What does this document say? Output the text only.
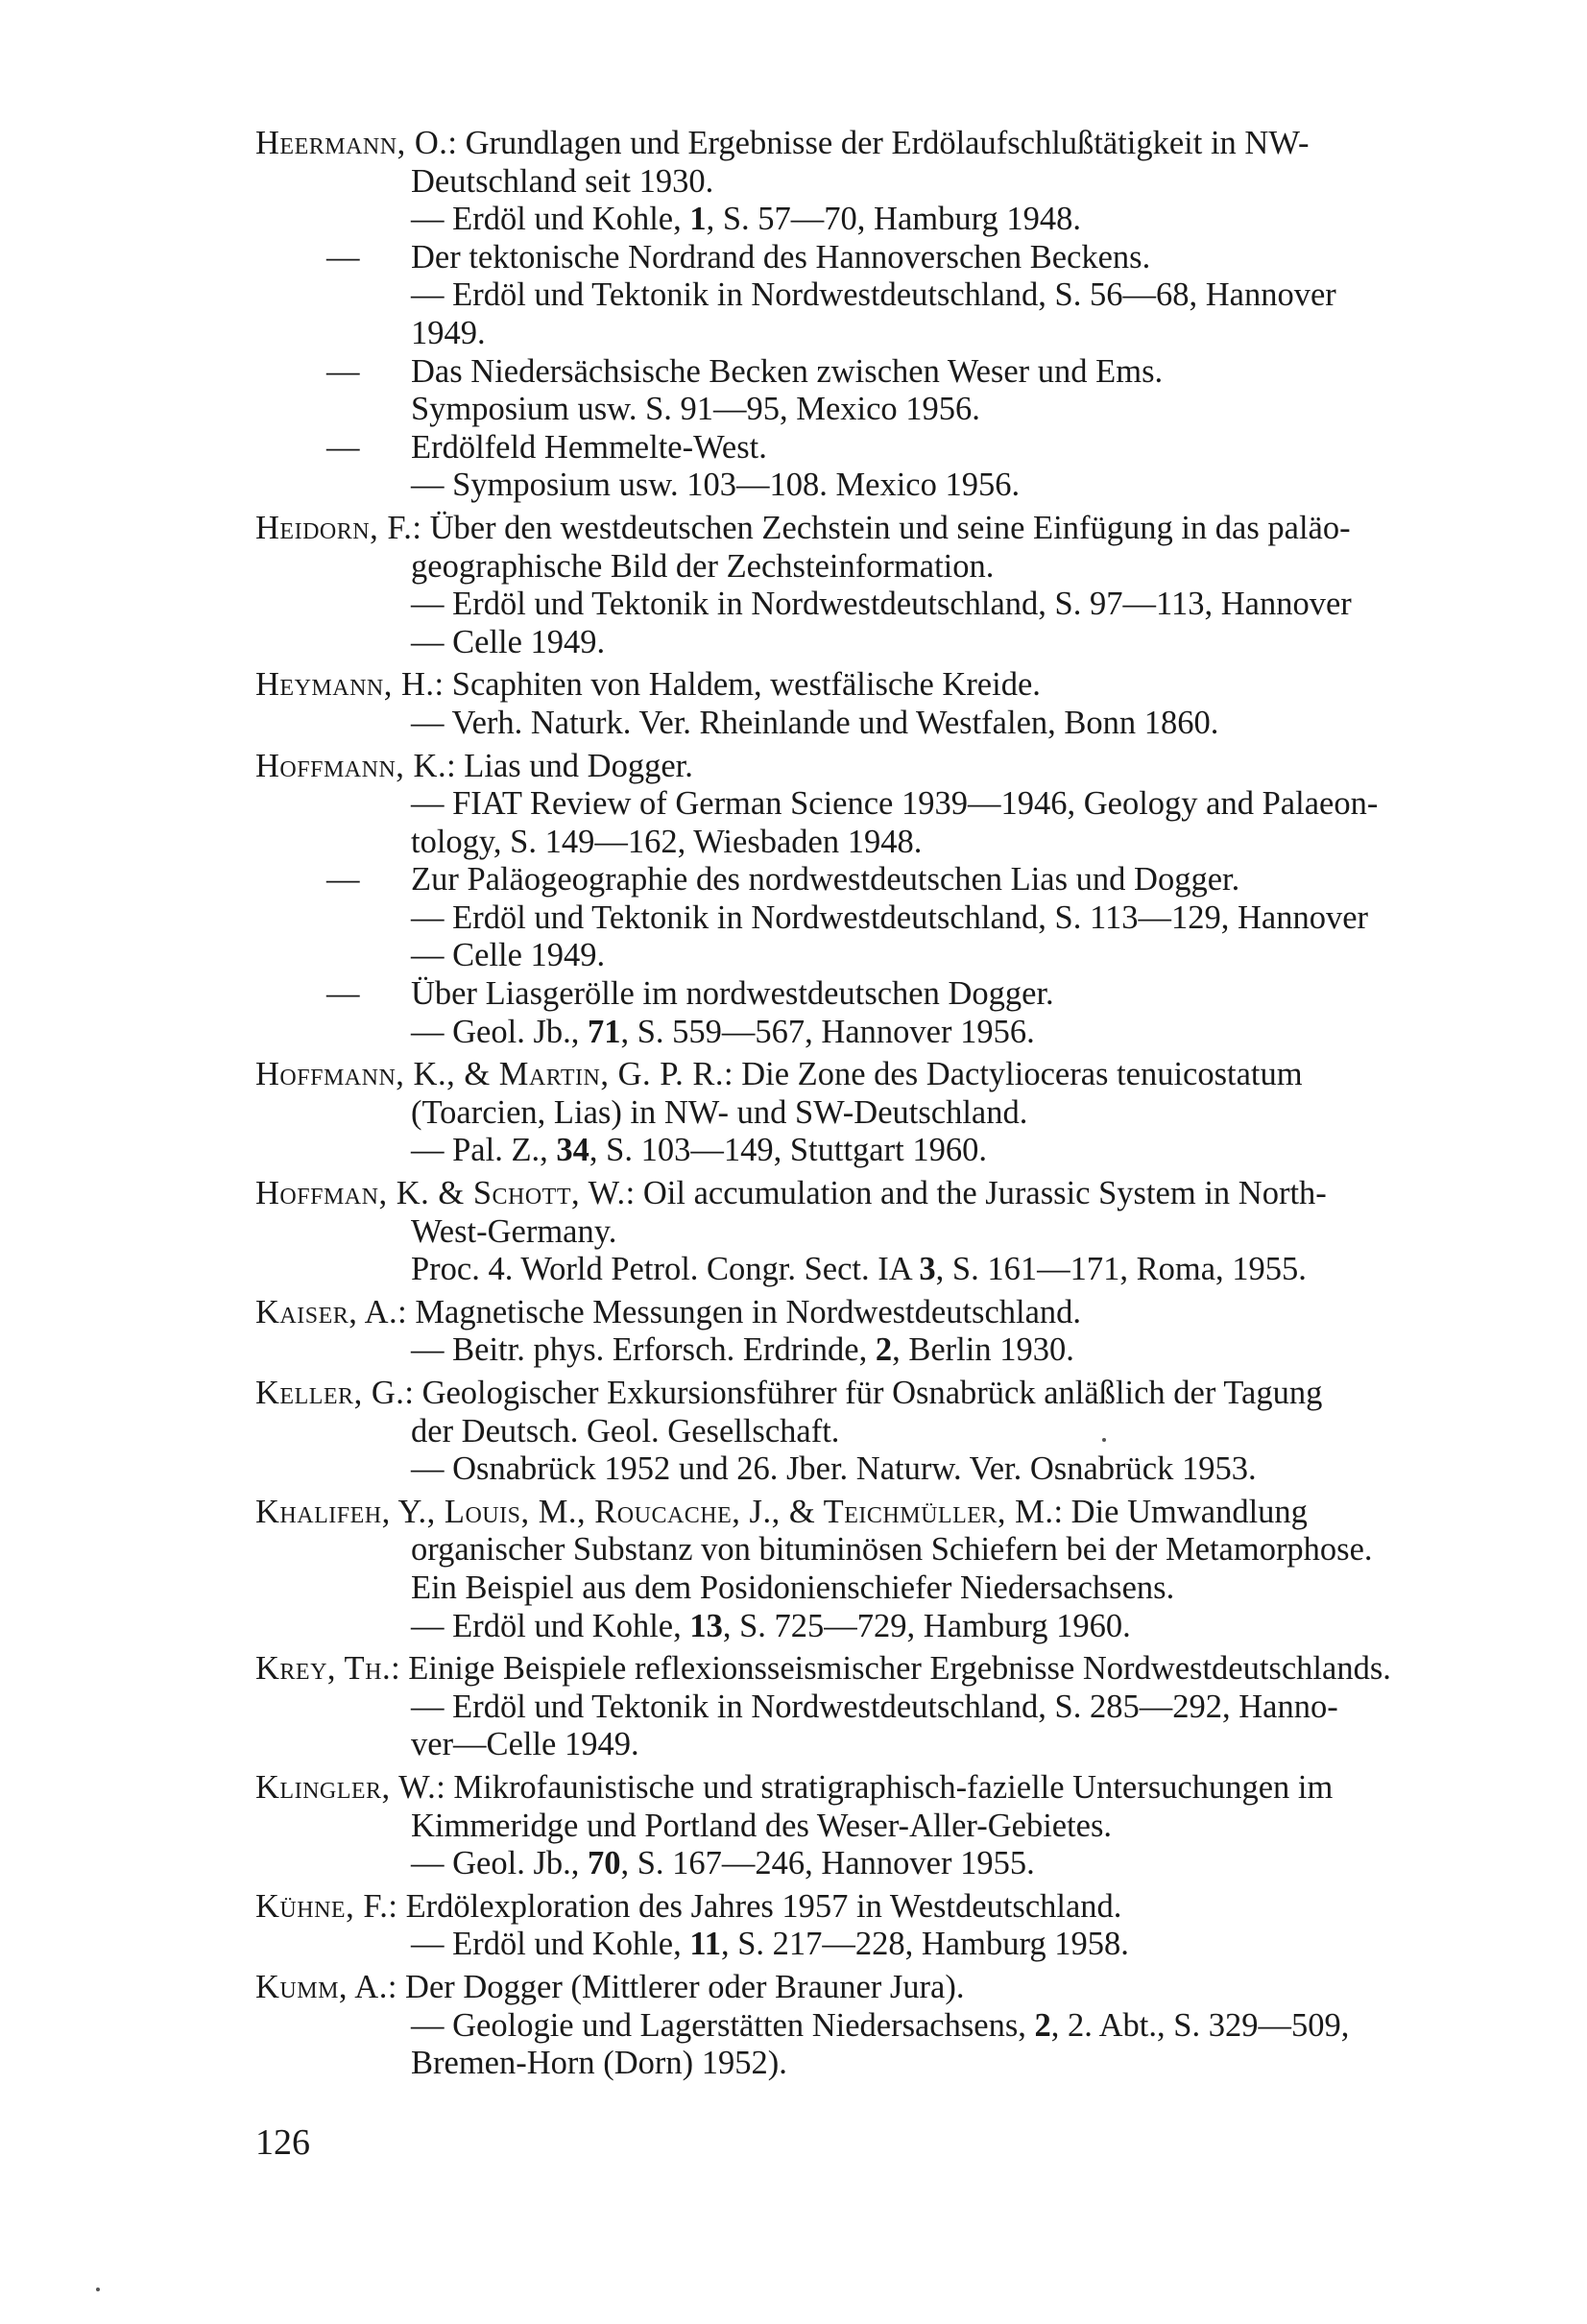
Heermann, O.: Grundlagen und Ergebnisse der Erdölaufschlußtätigkeit in NW-
Deutschland seit 1930.
— Erdöl und Kohle, 1, S. 57—70, Hamburg 1948.
— Der tektonische Nordrand des Hannoverschen Beckens.
— Erdöl und Tektonik in Nordwestdeutschland, S. 56—68, Hannover
1949.
— Das Niedersächsische Becken zwischen Weser und Ems.
Symposium usw. S. 91—95, Mexico 1956.
— Erdölfeld Hemmelte-West.
— Symposium usw. 103—108. Mexico 1956.
Heidorn, F.: Über den westdeutschen Zechstein und seine Einfügung in das paläo-
geographische Bild der Zechsteinformation.
— Erdöl und Tektonik in Nordwestdeutschland, S. 97—113, Hannover
— Celle 1949.
Heymann, H.: Scaphiten von Haldem, westfälische Kreide.
— Verh. Naturk. Ver. Rheinlande und Westfalen, Bonn 1860.
Hoffmann, K.: Lias und Dogger.
— FIAT Review of German Science 1939—1946, Geology and Palaeon-
tology, S. 149—162, Wiesbaden 1948.
— Zur Paläogeographie des nordwestdeutschen Lias und Dogger.
— Erdöl und Tektonik in Nordwestdeutschland, S. 113—129, Hannover
— Celle 1949.
— Über Liasgerölle im nordwestdeutschen Dogger.
— Geol. Jb., 71, S. 559—567, Hannover 1956.
Hoffmann, K., & Martin, G. P. R.: Die Zone des Dactylioceras tenuicostatum
(Toarcien, Lias) in NW- und SW-Deutschland.
— Pal. Z., 34, S. 103—149, Stuttgart 1960.
Hoffman, K. & Schott, W.: Oil accumulation and the Jurassic System in North-
West-Germany.
Proc. 4. World Petrol. Congr. Sect. IA 3, S. 161—171, Roma, 1955.
Kaiser, A.: Magnetische Messungen in Nordwestdeutschland.
— Beitr. phys. Erforsch. Erdrinde, 2, Berlin 1930.
Keller, G.: Geologischer Exkursionsführer für Osnabrück anläßlich der Tagung
der Deutsch. Geol. Gesellschaft.
— Osnabrück 1952 und 26. Jber. Naturw. Ver. Osnabrück 1953.
Khalifeh, Y., Louis, M., Roucache, J., & Teichmüller, M.: Die Umwandlung
organischer Substanz von bituminösen Schiefern bei der Metamorphose.
Ein Beispiel aus dem Posidonienschiefer Niedersachsens.
— Erdöl und Kohle, 13, S. 725—729, Hamburg 1960.
Krey, Th.: Einige Beispiele reflexionsseismischer Ergebnisse Nordwestdeutschlands.
— Erdöl und Tektonik in Nordwestdeutschland, S. 285—292, Hanno-
ver—Celle 1949.
Klingler, W.: Mikrofaunistische und stratigraphisch-fazielle Untersuchungen im
Kimmeridge und Portland des Weser-Aller-Gebietes.
— Geol. Jb., 70, S. 167—246, Hannover 1955.
Kühne, F.: Erdölexploration des Jahres 1957 in Westdeutschland.
— Erdöl und Kohle, 11, S. 217—228, Hamburg 1958.
Kumm, A.: Der Dogger (Mittlerer oder Brauner Jura).
— Geologie und Lagerstätten Niedersachsens, 2, 2. Abt., S. 329—509,
Bremen-Horn (Dorn) 1952).
126
